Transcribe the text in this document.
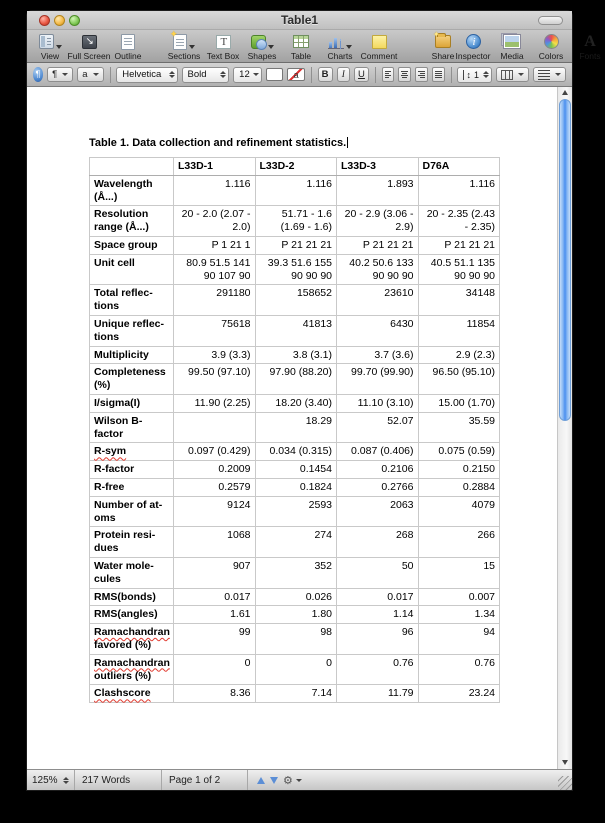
Table1
View
↘ Full Screen Outline
✦	Sections
T Text Box Shapes Table Charts Comment
✦	Share
i Inspector Media Colors
A
Fonts
¶ ¶	a	Helvetica	Bold	12	a	B	I	U	↕ 1
Table 1. Data collection and refinement statistics.
	L33D-1	L33D-2	L33D-3	D76A
Wavelength (Å...)	1.116	1.116	1.893	1.116
Resolution range (Å...)	20 - 2.0 (2.07 - 2.0)	51.71 - 1.6 (1.69 - 1.6)	20 - 2.9 (3.06 - 2.9)	20 - 2.35 (2.43 - 2.35)
Space group	P 1 21 1	P 21 21 21	P 21 21 21	P 21 21 21
Unit cell	80.9 51.5 141 90 107 90	39.3 51.6 155 90 90 90	40.2 50.6 133 90 90 90	40.5 51.1 135 90 90 90
Total reflec-tions	291180	158652	23610	34148
Unique reflec-tions	75618	41813	6430	11854
Multiplicity	3.9 (3.3)	3.8 (3.1)	3.7 (3.6)	2.9 (2.3)
Completeness (%)	99.50 (97.10)	97.90 (88.20)	99.70 (99.90)	96.50 (95.10)
I/sigma(I)	11.90 (2.25)	18.20 (3.40)	11.10 (3.10)	15.00 (1.70)
Wilson B-factor		18.29	52.07	35.59
R-sym	0.097 (0.429)	0.034 (0.315)	0.087 (0.406)	0.075 (0.59)
R-factor	0.2009	0.1454	0.2106	0.2150
R-free	0.2579	0.1824	0.2766	0.2884
Number of at-oms	9124	2593	2063	4079
Protein resi-dues	1068	274	268	266
Water mole-cules	907	352	50	15
RMS(bonds)	0.017	0.026	0.017	0.007
RMS(angles)	1.61	1.80	1.14	1.34
Ramachandran favored (%)	99	98	96	94
Ramachandran outliers (%)	0	0	0.76	0.76
Clashscore	8.36	7.14	11.79	23.24
125% 217 Words	Page 1 of 2	⚙
